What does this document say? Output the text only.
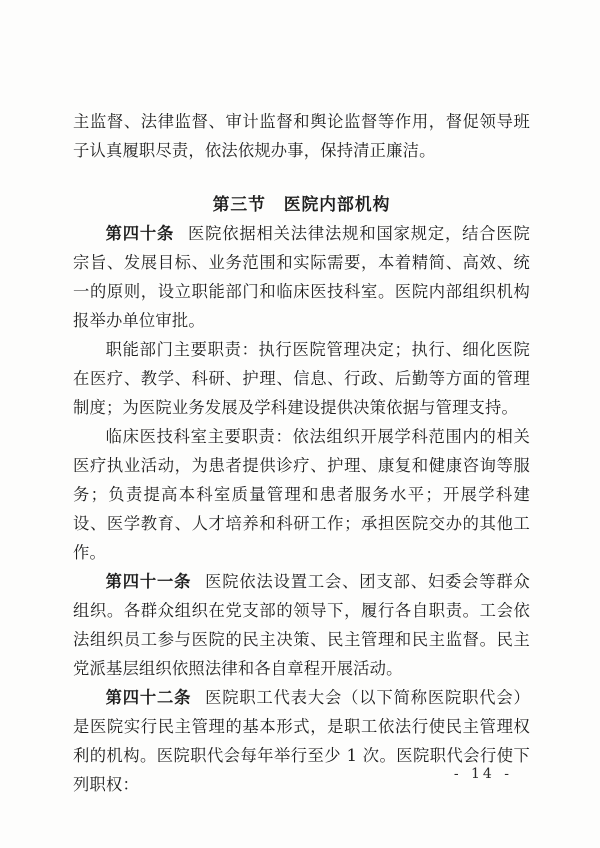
主监督、法律监督、审计监督和舆论监督等作用，督促领导班子认真履职尽责，依法依规办事，保持清正廉洁。

第三节　医院内部机构

第四十条 医院依据相关法律法规和国家规定，结合医院宗旨、发展目标、业务范围和实际需要，本着精简、高效、统一的原则，设立职能部门和临床医技科室。医院内部组织机构报举办单位审批。

职能部门主要职责：执行医院管理决定；执行、细化医院在医疗、教学、科研、护理、信息、行政、后勤等方面的管理制度；为医院业务发展及学科建设提供决策依据与管理支持。

临床医技科室主要职责：依法组织开展学科范围内的相关医疗执业活动，为患者提供诊疗、护理、康复和健康咨询等服务；负责提高本科室质量管理和患者服务水平；开展学科建设、医学教育、人才培养和科研工作；承担医院交办的其他工作。

第四十一条 医院依法设置工会、团支部、妇委会等群众组织。各群众组织在党支部的领导下，履行各自职责。工会依法组织员工参与医院的民主决策、民主管理和民主监督。民主党派基层组织依照法律和各自章程开展活动。

第四十二条 医院职工代表大会（以下简称医院职代会）是医院实行民主管理的基本形式，是职工依法行使民主管理权利的机构。医院职代会每年举行至少 1 次。医院职代会行使下列职权：

- 14 -
